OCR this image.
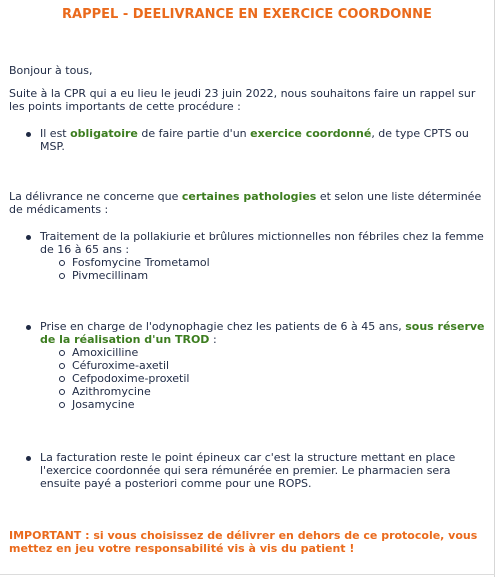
RAPPEL - DEELIVRANCE EN EXERCICE COORDONNE
Bonjour à tous,
Suite à la CPR qui a eu lieu le jeudi 23 juin 2022, nous souhaitons faire un rappel sur
les points importants de cette procédure :
Il est obligatoire de faire partie d'un exercice coordonné, de type CPTS ou
MSP.
La délivrance ne concerne que certaines pathologies et selon une liste déterminée
de médicaments :
Traitement de la pollakiurie et brûlures mictionnelles non fébriles chez la femme
de 16 à 65 ans :
Fosfomycine Trometamol
Pivmecillinam
Prise en charge de l'odynophagie chez les patients de 6 à 45 ans, sous réserve
de la réalisation d'un TROD :
Amoxicilline
Céfuroxime-axetil
Cefpodoxime-proxetil
Azithromycine
Josamycine
La facturation reste le point épineux car c'est la structure mettant en place
l'exercice coordonnée qui sera rémunérée en premier. Le pharmacien sera
ensuite payé a posteriori comme pour une ROPS.
IMPORTANT : si vous choisissez de délivrer en dehors de ce protocole, vous
mettez en jeu votre responsabilité vis à vis du patient !
